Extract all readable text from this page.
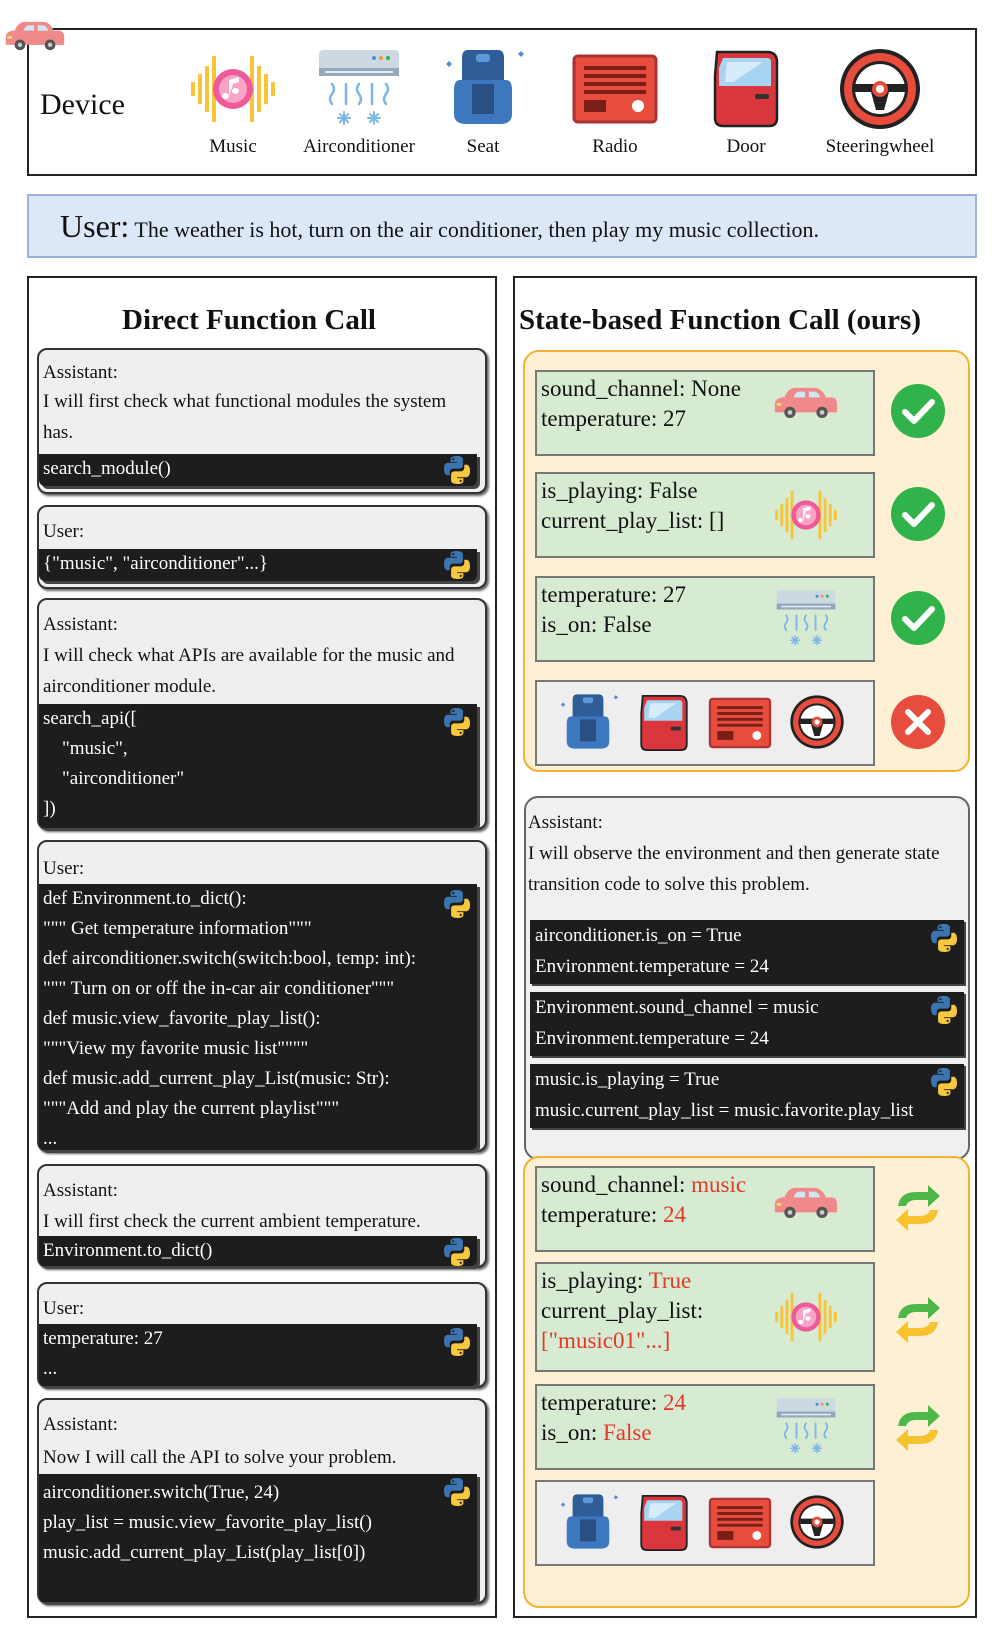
Device
Music	Airconditioner	Seat	Radio	Door	Steeringwheel
User: The weather is hot, turn on the air conditioner, then play my music collection.
Direct Function Call
Assistant:
I will first check what functional modules the system has.
search_module()
User:
{"music", "airconditioner"...}
Assistant:
I will check what APIs are available for the music and airconditioner module.
search_api([
"music",
"airconditioner"
])
User:
def Environment.to_dict():
""" Get temperature information"""
def airconditioner.switch(switch:bool, temp: int):
""" Turn on or off the in-car air conditioner"""
def music.view_favorite_play_list():
"""View my favorite music list""""
def music.add_current_play_List(music: Str):
"""Add and play the current playlist"""
...
Assistant:
I will first check the current ambient temperature.
Environment.to_dict()
User:
temperature: 27
...
Assistant:
Now I will call the API to solve your problem.
airconditioner.switch(True, 24)
play_list = music.view_favorite_play_list()
music.add_current_play_List(play_list[0])
State-based Function Call (ours)
sound_channel: None
temperature: 27
is_playing: False
current_play_list: []
temperature: 27
is_on: False
Assistant:
I will observe the environment and then generate state transition code to solve this problem.
airconditioner.is_on = True
Environment.temperature = 24
Environment.sound_channel = music
Environment.temperature = 24
music.is_playing = True
music.current_play_list = music.favorite.play_list
sound_channel: music
temperature: 24
is_playing: True
current_play_list:
["music01"...]
temperature: 24
is_on: False
